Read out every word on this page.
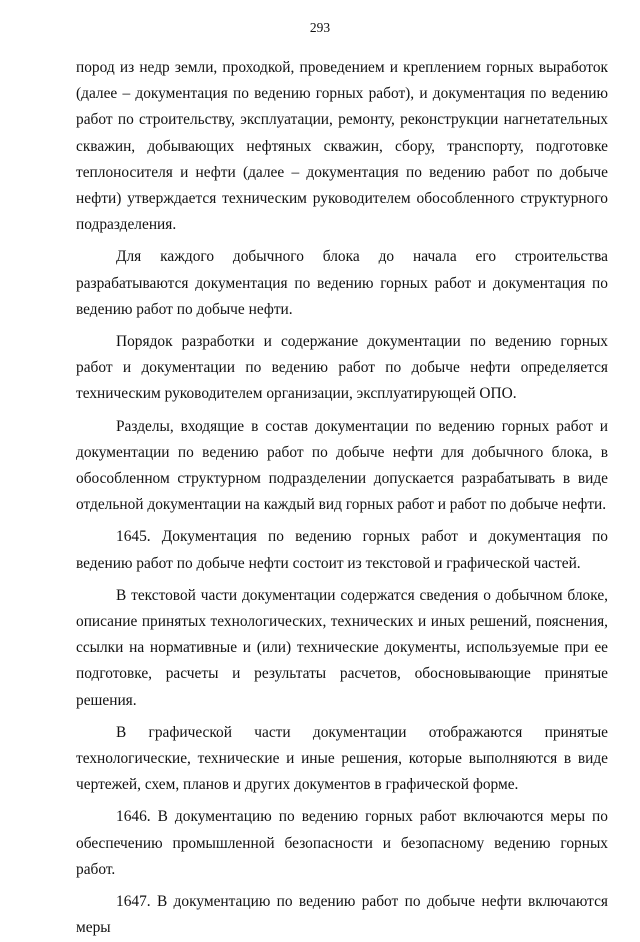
293

пород из недр земли, проходкой, проведением и креплением горных выработок (далее – документация по ведению горных работ), и документация по ведению работ по строительству, эксплуатации, ремонту, реконструкции нагнетательных скважин, добывающих нефтяных скважин, сбору, транспорту, подготовке теплоносителя и нефти (далее – документация по ведению работ по добыче нефти) утверждается техническим руководителем обособленного структурного подразделения.

Для каждого добычного блока до начала его строительства разрабатываются документация по ведению горных работ и документация по ведению работ по добыче нефти.

Порядок разработки и содержание документации по ведению горных работ и документации по ведению работ по добыче нефти определяется техническим руководителем организации, эксплуатирующей ОПО.

Разделы, входящие в состав документации по ведению горных работ и документации по ведению работ по добыче нефти для добычного блока, в обособленном структурном подразделении допускается разрабатывать в виде отдельной документации на каждый вид горных работ и работ по добыче нефти.

1645. Документация по ведению горных работ и документация по ведению работ по добыче нефти состоит из текстовой и графической частей.

В текстовой части документации содержатся сведения о добычном блоке, описание принятых технологических, технических и иных решений, пояснения, ссылки на нормативные и (или) технические документы, используемые при ее подготовке, расчеты и результаты расчетов, обосновывающие принятые решения.

В графической части документации отображаются принятые технологические, технические и иные решения, которые выполняются в виде чертежей, схем, планов и других документов в графической форме.

1646. В документацию по ведению горных работ включаются меры по обеспечению промышленной безопасности и безопасному ведению горных работ.

1647. В документацию по ведению работ по добыче нефти включаются меры
